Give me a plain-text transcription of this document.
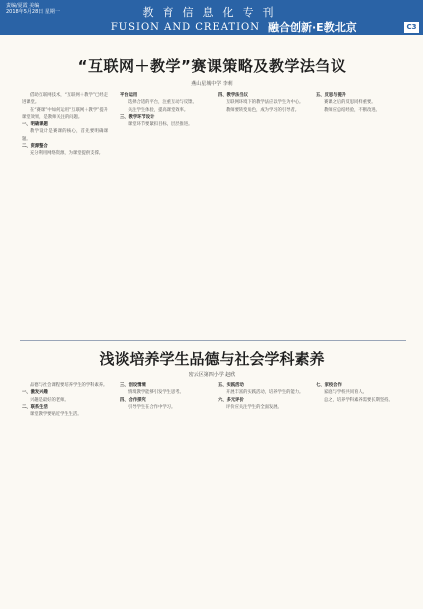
责编/夏霞 美编
2018年5月28日 星期一	教育信息化专刊
FUSION AND CREATION 融合创新·E教北京	C3
“互联网＋教学”赛课策略及教学法刍议
燕山星城中学 李莉

借助互联网技术，“互联网＋教学”已经走进课堂。

在“赛课”中如何运用“互联网＋教学”提升课堂效果，是教师关注的问题。

一、明确课题

教学设计是赛课的核心，首先要明确课题。

二、资源整合

充分利用网络资源，为课堂提供支撑。

平台运用

选择合适的平台，注重互动与反馈。

关注学生体验，提高课堂效率。

三、教学环节设计

课堂环节要紧扣目标，层层推进。

四、教学法刍议

互联网环境下的教学法应以学生为中心。

教师要转变角色，成为学习的引导者。

五、反思与提升

赛课之后的反思同样重要。

教师应总结经验，不断改进。

浅谈培养学生品德与社会学科素养
密云区第四小学 赵欣

品德与社会课程要培养学生的学科素养。

一、激发兴趣

兴趣是最好的老师。

二、联系生活

课堂教学要贴近学生生活。

三、创设情境

情境教学能够引发学生思考。

四、合作探究

引导学生在合作中学习。

五、实践活动

开展丰富的实践活动，培养学生的能力。

六、多元评价

评价应关注学生的全面发展。

七、家校合作

家庭与学校共同育人。

总之，培养学科素养需要长期坚持。
